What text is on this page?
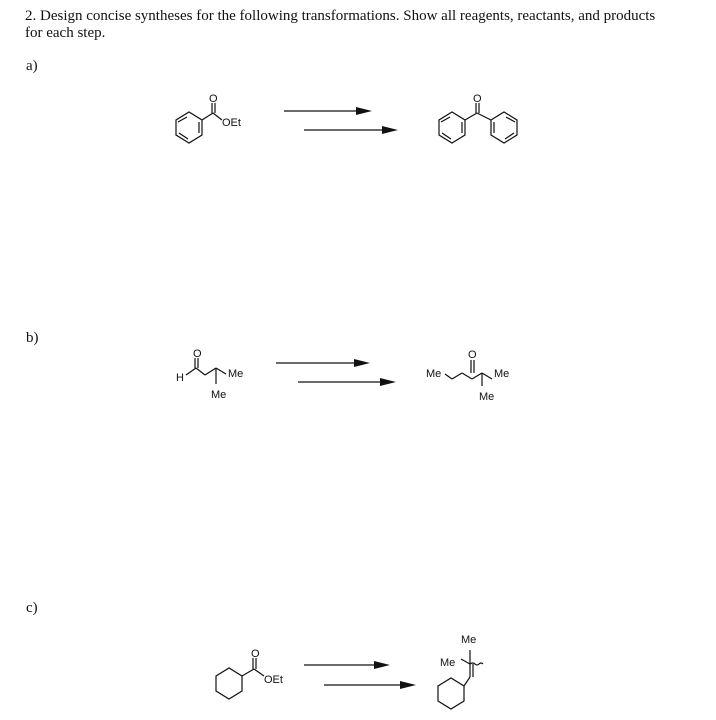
2. Design concise syntheses for the following transformations. Show all reagents, reactants, and products for each step.
a)
O
OEt
O
b)
O
H	Me
Me
O
Me	Me
Me
c)
O
OEt
Me
Me
